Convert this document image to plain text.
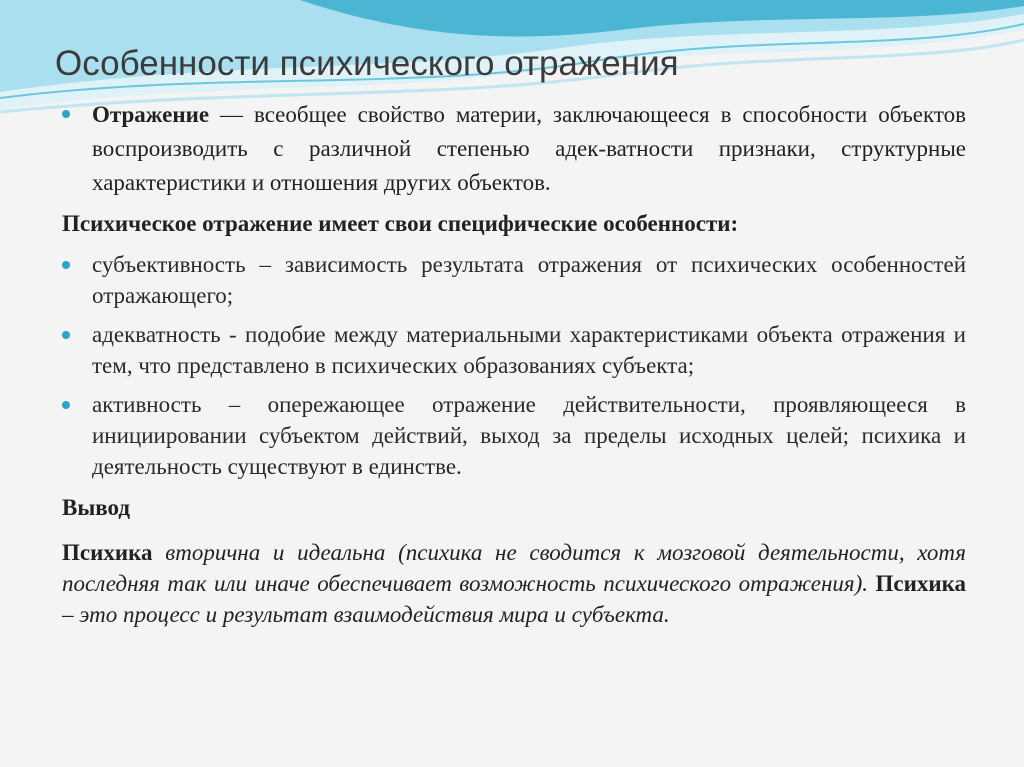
Особенности психического отражения
Отражение — всеобщее свойство материи, заключающееся в способности объектов воспроизводить с различной степенью адек-ватности признаки, структурные характеристики и отношения других объектов.
Психическое отражение имеет свои специфические особенности:
субъективность – зависимость результата отражения от психических особенностей отражающего;
адекватность - подобие между материальными характеристиками объекта отражения и тем, что представлено в психических образованиях субъекта;
активность – опережающее отражение действительности, проявляющееся в инициировании субъектом действий, выход за пределы исходных целей; психика и деятельность существуют в единстве.
Вывод
Психика вторична и идеальна (психика не сводится к мозговой деятельности, хотя последняя так или иначе обеспечивает возможность психического отражения). Психика – это процесс и результат взаимодействия мира и субъекта.
